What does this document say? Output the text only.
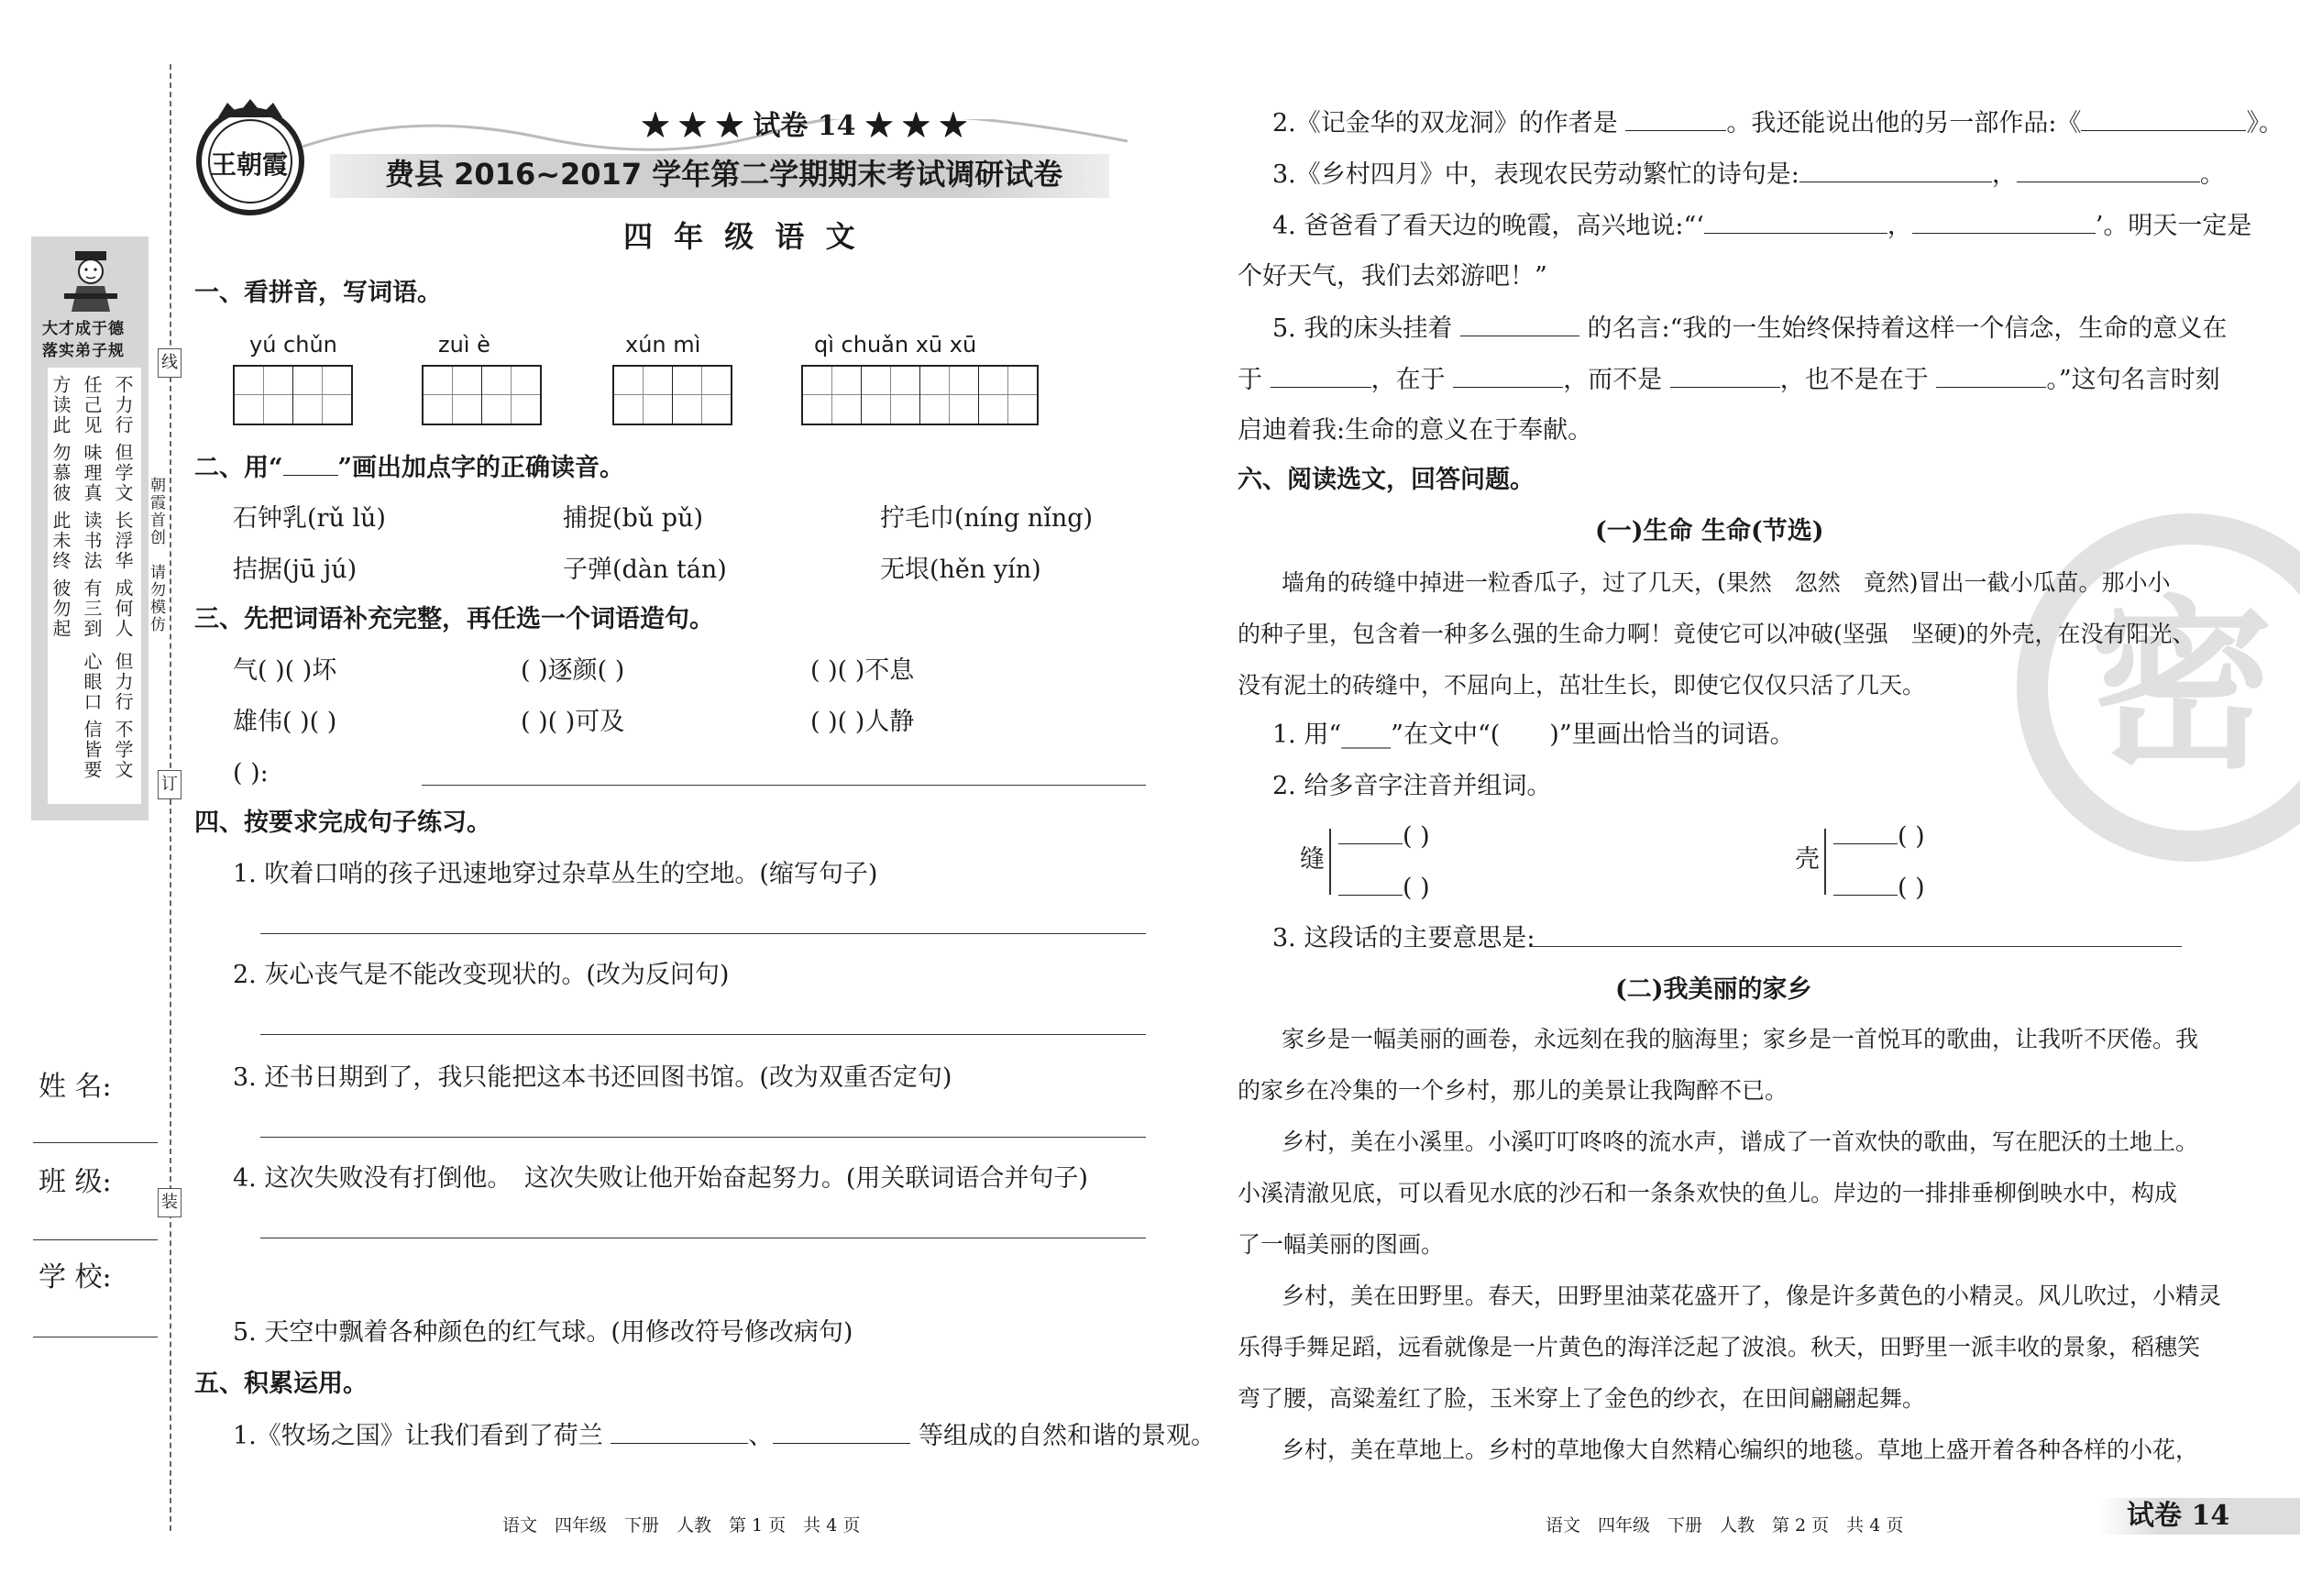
线
订
装
大才成于德
落实弟子规
方读此 任己见 不力行
勿慕彼 味理真 但学文
此未终 读书法 长浮华
彼勿起 有三到 成何人
心眼口 但力行
信皆要 不学文
朝霞首创　请勿模仿
姓 名:
班 级:
学 校:
王朝霞
★ ★ ★ 试卷 14 ★ ★ ★
费县 2016~2017 学年第二学期期末考试调研试卷
四 年 级 语 文
一、看拼音，写词语。
yú chǔn	zuì è	xún mì	qì chuǎn xū xū
二、用“ ”画出加点字的正确读音。
石钟乳(rǔ lǔ)	捕捉(bǔ pǔ)	拧毛巾(níng nǐng)
拮据(jū jú)	子弹(dàn tán)	无垠(hěn yín)
三、先把词语补充完整，再任选一个词语造句。
气( )( )坏	( )逐颜( )	( )( )不息
雄伟( )( )	( )( )可及	( )( )人静
( ):
四、按要求完成句子练习。
1. 吹着口哨的孩子迅速地穿过杂草丛生的空地。(缩写句子)
2. 灰心丧气是不能改变现状的。(改为反问句)
3. 还书日期到了，我只能把这本书还回图书馆。(改为双重否定句)
4. 这次失败没有打倒他。　这次失败让他开始奋起努力。(用关联词语合并句子)
5. 天空中飘着各种颜色的红气球。(用修改符号修改病句)
五、积累运用。
1.《牧场之国》让我们看到了荷兰	、	等组成的自然和谐的景观。
语文　四年级　下册　人教　第 1 页　共 4 页
密
2.《记金华的双龙洞》的作者是	。我还能说出他的另一部作品:《	》。
3.《乡村四月》中，表现农民劳动繁忙的诗句是:	，	。
4. 爸爸看了看天边的晚霞，高兴地说:“‘	，	’。明天一定是
个好天气，我们去郊游吧！”
5. 我的床头挂着	的名言:“我的一生始终保持着这样一个信念，生命的意义在
于	，在于	，而不是	，也不是在于	。”这句名言时刻
启迪着我:生命的意义在于奉献。
六、阅读选文，回答问题。
(一)生命 生命(节选)
墙角的砖缝中掉进一粒香瓜子，过了几天，(果然　忽然　竟然)冒出一截小瓜苗。那小小
的种子里，包含着一种多么强的生命力啊！竟使它可以冲破(坚强　坚硬)的外壳，在没有阳光、
没有泥土的砖缝中，不屈向上，茁壮生长，即使它仅仅只活了几天。
1. 用“____”在文中“(　　)”里画出恰当的词语。
2. 给多音字注音并组词。
缝
( )
( )
壳
( )
( )
3. 这段话的主要意思是:
(二)我美丽的家乡
家乡是一幅美丽的画卷，永远刻在我的脑海里；家乡是一首悦耳的歌曲，让我听不厌倦。我
的家乡在冷集的一个乡村，那儿的美景让我陶醉不已。
乡村，美在小溪里。小溪叮叮咚咚的流水声，谱成了一首欢快的歌曲，写在肥沃的土地上。
小溪清澈见底，可以看见水底的沙石和一条条欢快的鱼儿。岸边的一排排垂柳倒映水中，构成
了一幅美丽的图画。
乡村，美在田野里。春天，田野里油菜花盛开了，像是许多黄色的小精灵。风儿吹过，小精灵
乐得手舞足蹈，远看就像是一片黄色的海洋泛起了波浪。秋天，田野里一派丰收的景象，稻穗笑
弯了腰，高粱羞红了脸，玉米穿上了金色的纱衣，在田间翩翩起舞。
乡村，美在草地上。乡村的草地像大自然精心编织的地毯。草地上盛开着各种各样的小花，
语文　四年级　下册　人教　第 2 页　共 4 页	试卷 14
